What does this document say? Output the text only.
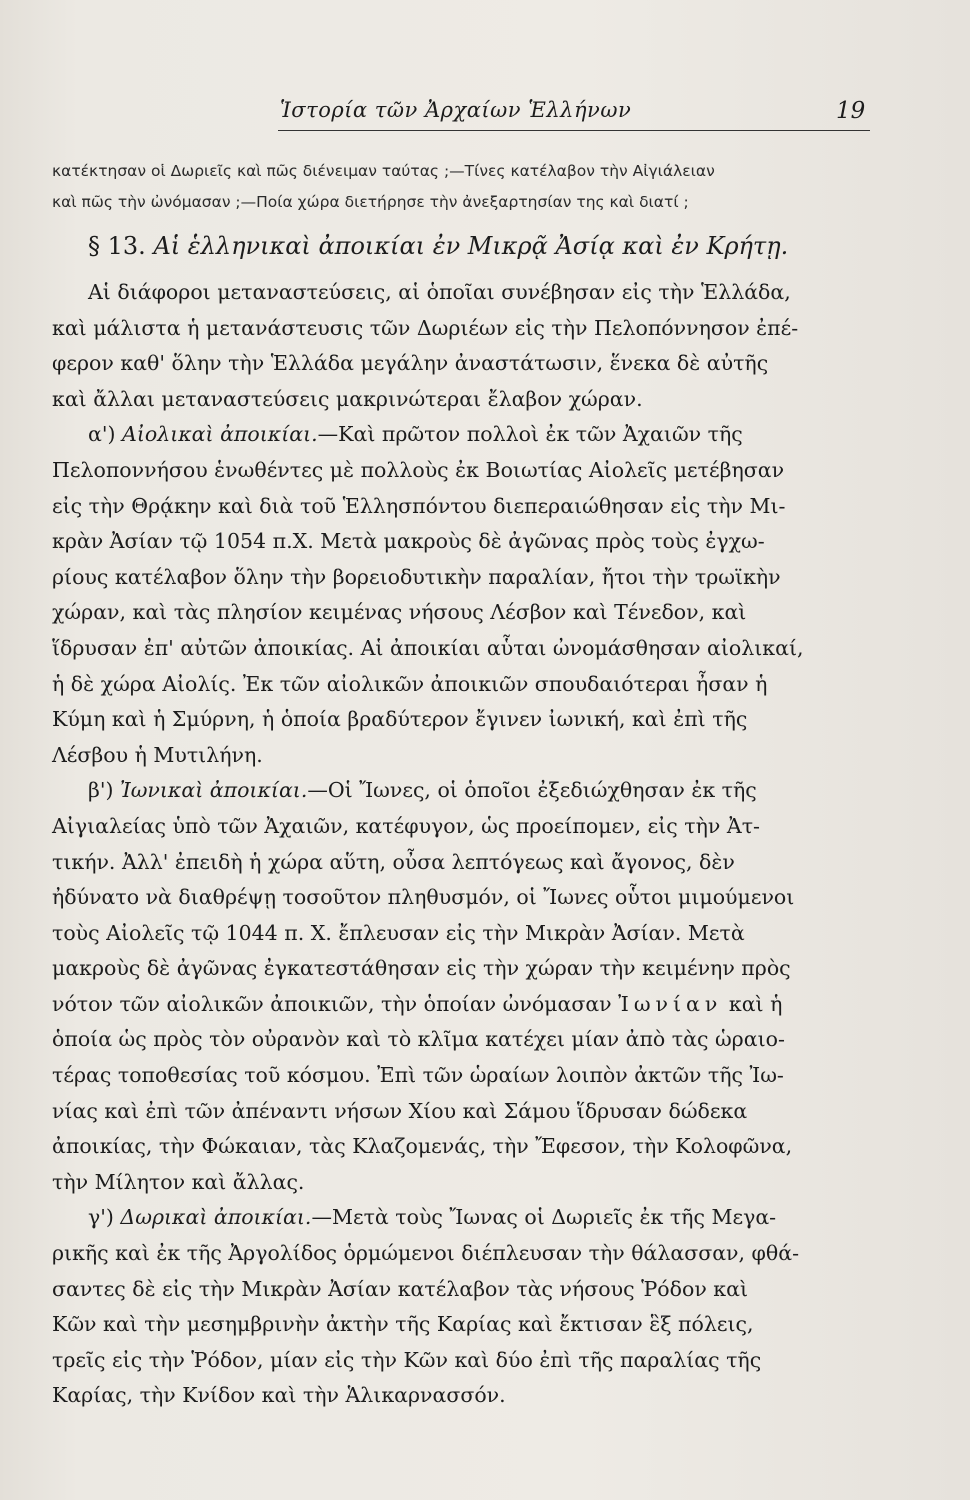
Ἱστορία τῶν Ἀρχαίων Ἑλλήνων	19
κατέκτησαν οἱ Δωριεῖς καὶ πῶς διένειμαν ταύτας ;—Τίνες κατέλαβον τὴν Αἰγιάλειαν
καὶ πῶς τὴν ὠνόμασαν ;—Ποία χώρα διετήρησε τὴν ἀνεξαρτησίαν της καὶ διατί ;
§ 13. Αἱ ἑλληνικαὶ ἀποικίαι ἐν Μικρᾷ Ἀσίᾳ καὶ ἐν Κρήτῃ.
Αἱ διάφοροι μεταναστεύσεις, αἱ ὁποῖαι συνέβησαν εἰς τὴν Ἑλλάδα,
καὶ μάλιστα ἡ μετανάστευσις τῶν Δωριέων εἰς τὴν Πελοπόννησον ἐπέ-
φερον καθ' ὅλην τὴν Ἑλλάδα μεγάλην ἀναστάτωσιν, ἕνεκα δὲ αὐτῆς
καὶ ἄλλαι μεταναστεύσεις μακρινώτεραι ἔλαβον χώραν.
α') Αἰολικαὶ ἀποικίαι.—Καὶ πρῶτον πολλοὶ ἐκ τῶν Ἀχαιῶν τῆς
Πελοποννήσου ἑνωθέντες μὲ πολλοὺς ἐκ Βοιωτίας Αἰολεῖς μετέβησαν
εἰς τὴν Θρᾴκην καὶ διὰ τοῦ Ἑλλησπόντου διεπεραιώθησαν εἰς τὴν Μι-
κρὰν Ἀσίαν τῷ 1054 π.Χ. Μετὰ μακροὺς δὲ ἀγῶνας πρὸς τοὺς ἐγχω-
ρίους κατέλαβον ὅλην τὴν βορειοδυτικὴν παραλίαν, ἤτοι τὴν τρωϊκὴν
χώραν, καὶ τὰς πλησίον κειμένας νήσους Λέσβον καὶ Τένεδον, καὶ
ἵδρυσαν ἐπ' αὐτῶν ἀποικίας. Αἱ ἀποικίαι αὗται ὠνομάσθησαν αἰολικαί,
ἡ δὲ χώρα Αἰολίς. Ἐκ τῶν αἰολικῶν ἀποικιῶν σπουδαιότεραι ἦσαν ἡ
Κύμη καὶ ἡ Σμύρνη, ἡ ὁποία βραδύτερον ἔγινεν ἰωνική, καὶ ἐπὶ τῆς
Λέσβου ἡ Μυτιλήνη.
β') Ἰωνικαὶ ἀποικίαι.—Οἱ Ἴωνες, οἱ ὁποῖοι ἐξεδιώχθησαν ἐκ τῆς
Αἰγιαλείας ὑπὸ τῶν Ἀχαιῶν, κατέφυγον, ὡς προείπομεν, εἰς τὴν Ἀτ-
τικήν. Ἀλλ' ἐπειδὴ ἡ χώρα αὕτη, οὖσα λεπτόγεως καὶ ἄγονος, δὲν
ἠδύνατο νὰ διαθρέψῃ τοσοῦτον πληθυσμόν, οἱ Ἴωνες οὗτοι μιμούμενοι
τοὺς Αἰολεῖς τῷ 1044 π. Χ. ἔπλευσαν εἰς τὴν Μικρὰν Ἀσίαν. Μετὰ
μακροὺς δὲ ἀγῶνας ἐγκατεστάθησαν εἰς τὴν χώραν τὴν κειμένην πρὸς
νότον τῶν αἰολικῶν ἀποικιῶν, τὴν ὁποίαν ὠνόμασαν Ἰωνίαν καὶ ἡ
ὁποία ὡς πρὸς τὸν οὐρανὸν καὶ τὸ κλῖμα κατέχει μίαν ἀπὸ τὰς ὡραιο-
τέρας τοποθεσίας τοῦ κόσμου. Ἐπὶ τῶν ὡραίων λοιπὸν ἀκτῶν τῆς Ἰω-
νίας καὶ ἐπὶ τῶν ἀπέναντι νήσων Χίου καὶ Σάμου ἵδρυσαν δώδεκα
ἀποικίας, τὴν Φώκαιαν, τὰς Κλαζομενάς, τὴν Ἔφεσον, τὴν Κολοφῶνα,
τὴν Μίλητον καὶ ἄλλας.
γ') Δωρικαὶ ἀποικίαι.—Μετὰ τοὺς Ἴωνας οἱ Δωριεῖς ἐκ τῆς Μεγα-
ρικῆς καὶ ἐκ τῆς Ἀργολίδος ὁρμώμενοι διέπλευσαν τὴν θάλασσαν, φθά-
σαντες δὲ εἰς τὴν Μικρὰν Ἀσίαν κατέλαβον τὰς νήσους Ῥόδον καὶ
Κῶν καὶ τὴν μεσημβρινὴν ἀκτὴν τῆς Καρίας καὶ ἔκτισαν ἓξ πόλεις,
τρεῖς εἰς τὴν Ῥόδον, μίαν εἰς τὴν Κῶν καὶ δύο ἐπὶ τῆς παραλίας τῆς
Καρίας, τὴν Κνίδον καὶ τὴν Ἁλικαρνασσόν.
